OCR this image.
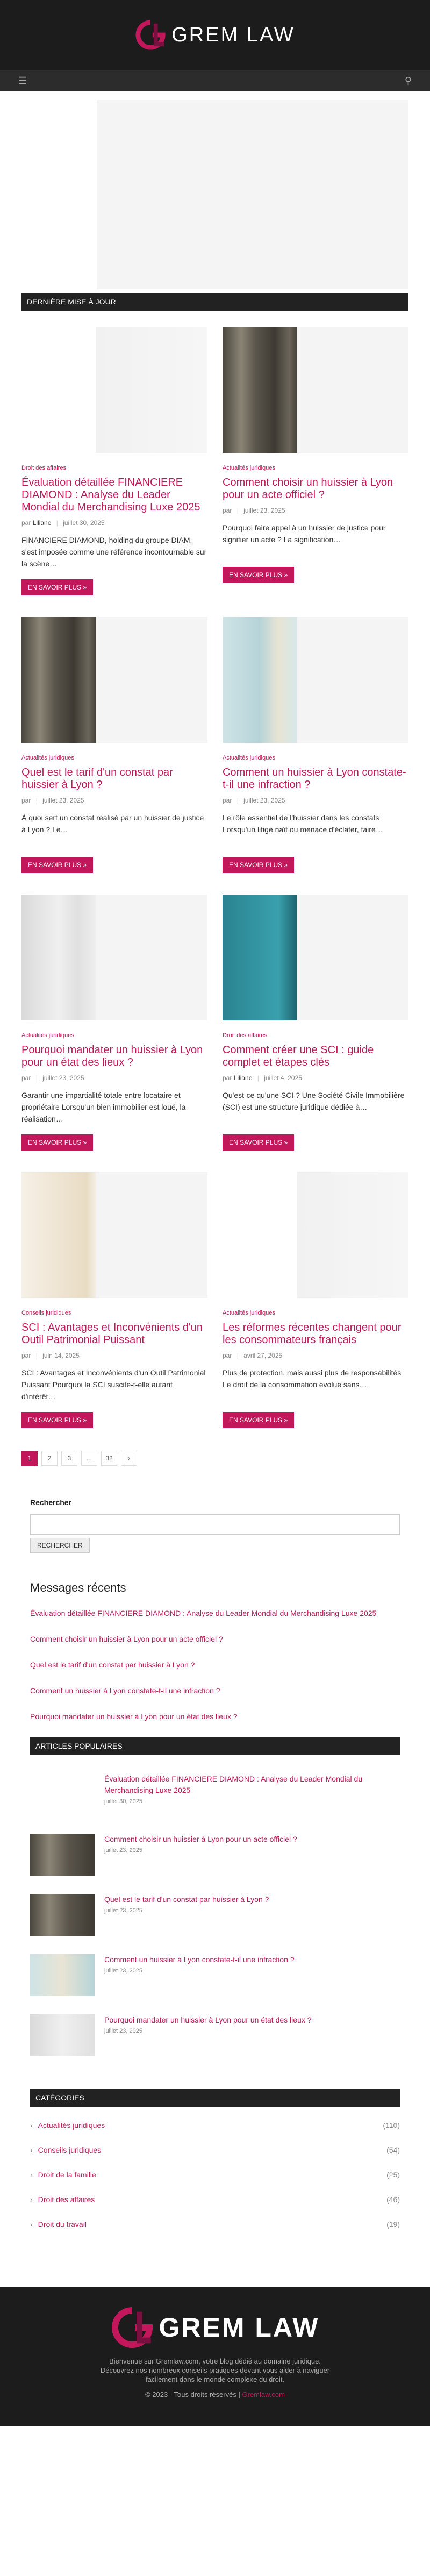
GREM LAW
☰	⚲
DERNIÈRE MISE À JOUR
Droit des affaires
Évaluation détaillée FINANCIERE DIAMOND : Analyse du Leader Mondial du Merchandising Luxe 2025
par Liliane | juillet 30, 2025

FINANCIERE DIAMOND, holding du groupe DIAM, s'est imposée comme une référence incontournable sur la scène…

EN SAVOIR PLUS »
Actualités juridiques
Comment choisir un huissier à Lyon pour un acte officiel ?
par | juillet 23, 2025

Pourquoi faire appel à un huissier de justice pour signifier un acte ? La signification…

EN SAVOIR PLUS »
Actualités juridiques
Quel est le tarif d'un constat par huissier à Lyon ?
par | juillet 23, 2025

À quoi sert un constat réalisé par un huissier de justice à Lyon ? Le…

EN SAVOIR PLUS »
Actualités juridiques
Comment un huissier à Lyon constate-t-il une infraction ?
par | juillet 23, 2025

Le rôle essentiel de l'huissier dans les constats Lorsqu'un litige naît ou menace d'éclater, faire…

EN SAVOIR PLUS »
Actualités juridiques
Pourquoi mandater un huissier à Lyon pour un état des lieux ?
par | juillet 23, 2025

Garantir une impartialité totale entre locataire et propriétaire Lorsqu'un bien immobilier est loué, la réalisation…

EN SAVOIR PLUS »
Droit des affaires
Comment créer une SCI : guide complet et étapes clés
par Liliane | juillet 4, 2025

Qu'est-ce qu'une SCI ? Une Société Civile Immobilière (SCI) est une structure juridique dédiée à…

EN SAVOIR PLUS »
Conseils juridiques
SCI : Avantages et Inconvénients d'un Outil Patrimonial Puissant
par | juin 14, 2025

SCI : Avantages et Inconvénients d'un Outil Patrimonial Puissant Pourquoi la SCI suscite-t-elle autant d'intérêt…

EN SAVOIR PLUS »
Actualités juridiques
Les réformes récentes changent pour les consommateurs français
par | avril 27, 2025

Plus de protection, mais aussi plus de responsabilités Le droit de la consommation évolue sans…

EN SAVOIR PLUS »
1	2	3	…	32	›
Rechercher
RECHERCHER
Messages récents
Évaluation détaillée FINANCIERE DIAMOND : Analyse du Leader Mondial du Merchandising Luxe 2025
Comment choisir un huissier à Lyon pour un acte officiel ?
Quel est le tarif d'un constat par huissier à Lyon ?
Comment un huissier à Lyon constate-t-il une infraction ?
Pourquoi mandater un huissier à Lyon pour un état des lieux ?
ARTICLES POPULAIRES
Évaluation détaillée FINANCIERE DIAMOND : Analyse du Leader Mondial du Merchandising Luxe 2025
juillet 30, 2025
Comment choisir un huissier à Lyon pour un acte officiel ?
juillet 23, 2025
Quel est le tarif d'un constat par huissier à Lyon ?
juillet 23, 2025
Comment un huissier à Lyon constate-t-il une infraction ?
juillet 23, 2025
Pourquoi mandater un huissier à Lyon pour un état des lieux ?
juillet 23, 2025
CATÉGORIES
› Actualités juridiques	(110)
› Conseils juridiques	(54)
› Droit de la famille	(25)
› Droit des affaires	(46)
› Droit du travail	(19)
GREM LAW
Bienvenue sur Gremlaw.com, votre blog dédié au domaine juridique.
Découvrez nos nombreux conseils pratiques devant vous aider à naviguer
facilement dans le monde complexe du droit.
© 2023 - Tous droits réservés | Gremlaw.com
